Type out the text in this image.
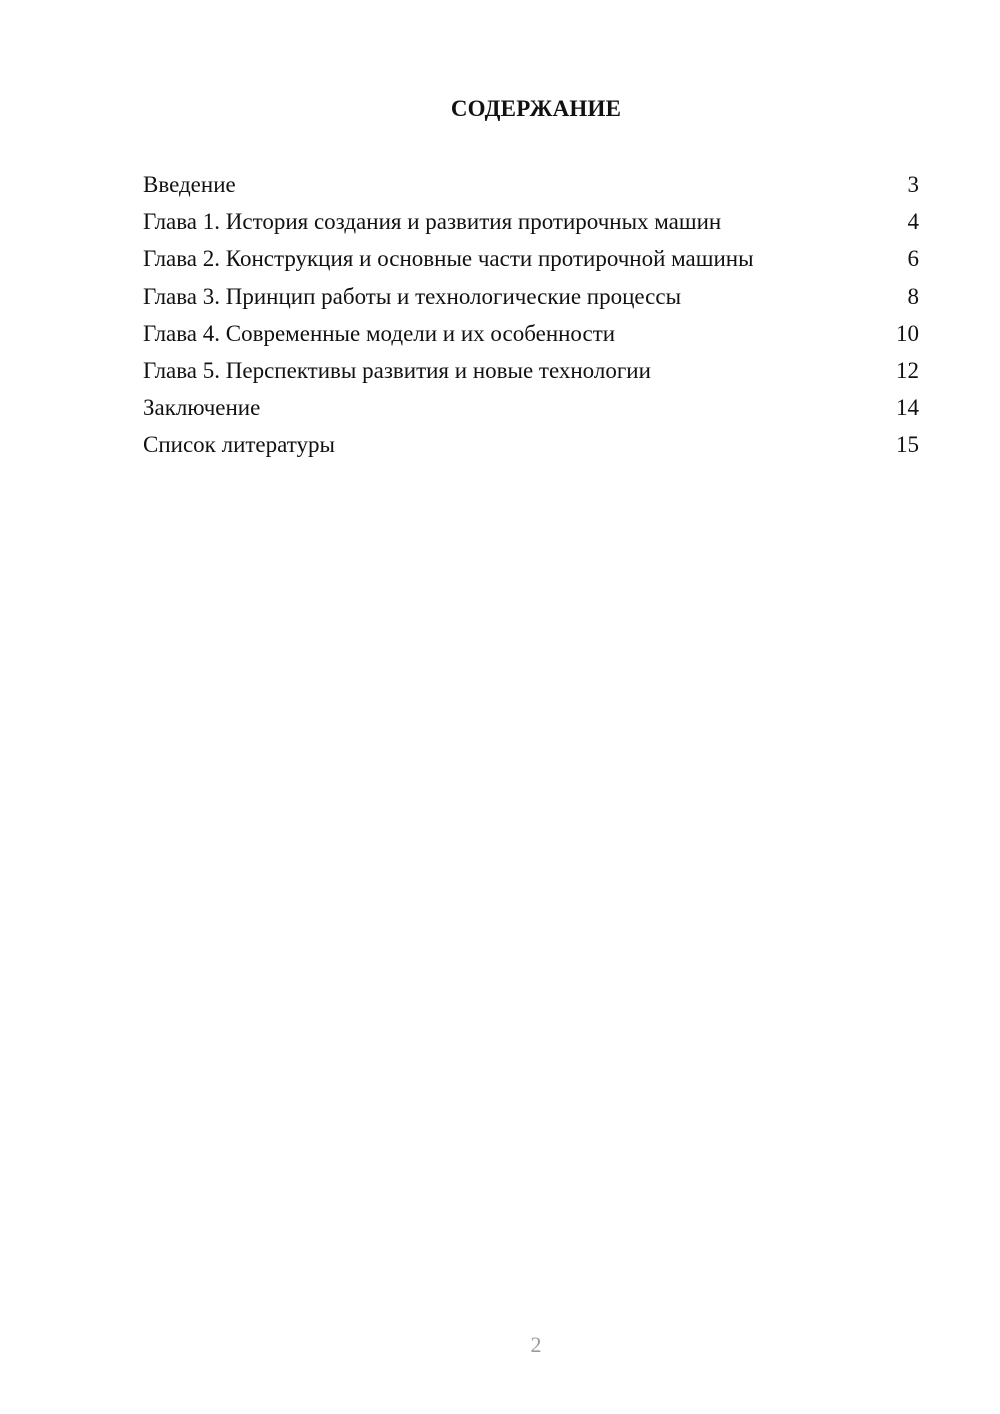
СОДЕРЖАНИЕ
Введение	3
Глава 1. История создания и развития протирочных машин	4
Глава 2. Конструкция и основные части протирочной машины	6
Глава 3. Принцип работы и технологические процессы	8
Глава 4. Современные модели и их особенности	10
Глава 5. Перспективы развития и новые технологии	12
Заключение	14
Список литературы	15
2
